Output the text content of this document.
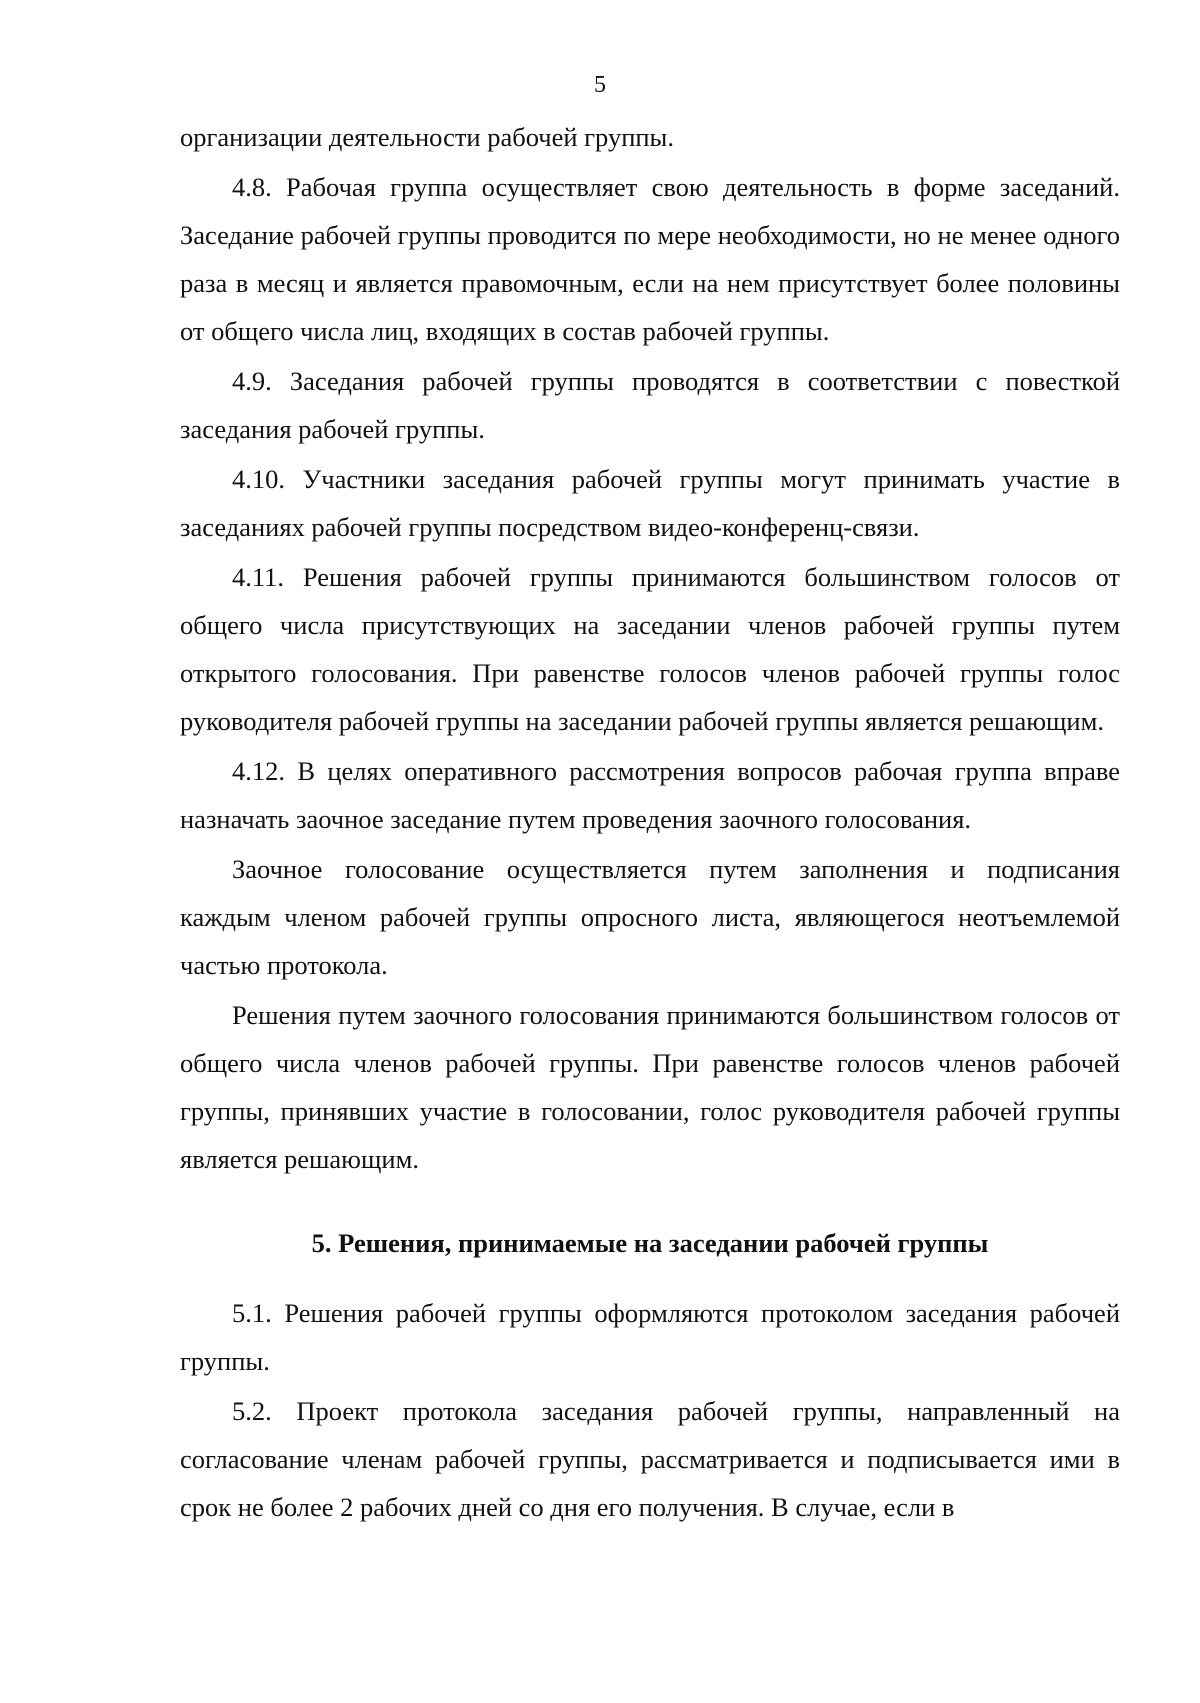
5

организации деятельности рабочей группы.

4.8. Рабочая группа осуществляет свою деятельность в форме заседаний. Заседание рабочей группы проводится по мере необходимости, но не менее одного раза в месяц и является правомочным, если на нем присутствует более половины от общего числа лиц, входящих в состав рабочей группы.

4.9. Заседания рабочей группы проводятся в соответствии с повесткой заседания рабочей группы.

4.10. Участники заседания рабочей группы могут принимать участие в заседаниях рабочей группы посредством видео-конференц-связи.

4.11. Решения рабочей группы принимаются большинством голосов от общего числа присутствующих на заседании членов рабочей группы путем открытого голосования. При равенстве голосов членов рабочей группы голос руководителя рабочей группы на заседании рабочей группы является решающим.

4.12. В целях оперативного рассмотрения вопросов рабочая группа вправе назначать заочное заседание путем проведения заочного голосования.

Заочное голосование осуществляется путем заполнения и подписания каждым членом рабочей группы опросного листа, являющегося неотъемлемой частью протокола.

Решения путем заочного голосования принимаются большинством голосов от общего числа членов рабочей группы. При равенстве голосов членов рабочей группы, принявших участие в голосовании, голос руководителя рабочей группы является решающим.

5. Решения, принимаемые на заседании рабочей группы

5.1. Решения рабочей группы оформляются протоколом заседания рабочей группы.

5.2. Проект протокола заседания рабочей группы, направленный на согласование членам рабочей группы, рассматривается и подписывается ими в срок не более 2 рабочих дней со дня его получения. В случае, если в
